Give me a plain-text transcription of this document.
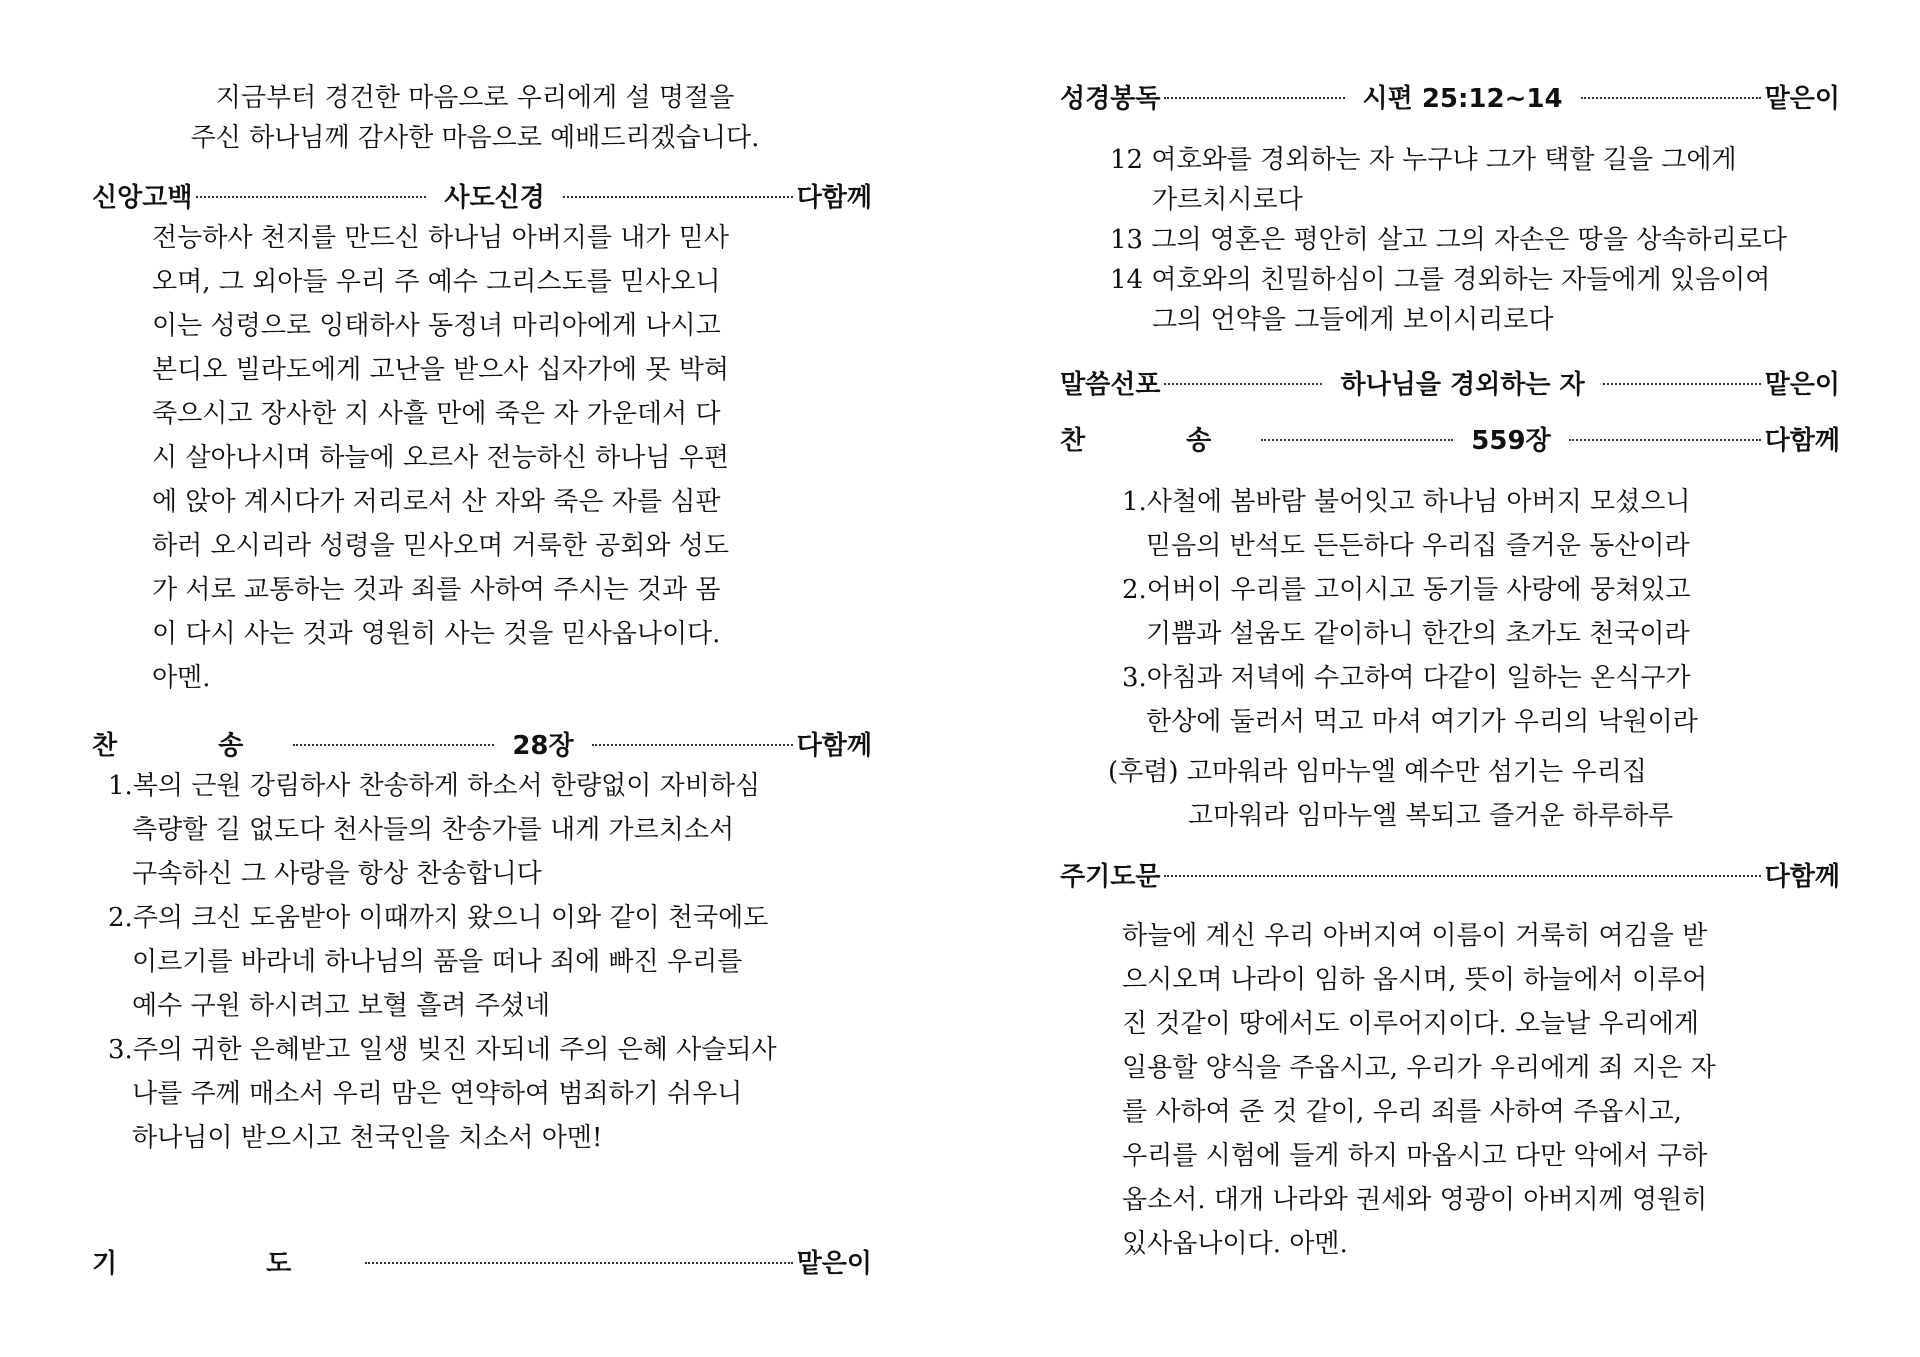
지금부터 경건한 마음으로 우리에게 설 명절을
주신 하나님께 감사한 마음으로 예배드리겠습니다.
신앙고백	사도신경	다함께
전능하사 천지를 만드신 하나님 아버지를 내가 믿사
오며, 그 외아들 우리 주 예수 그리스도를 믿사오니
이는 성령으로 잉태하사 동정녀 마리아에게 나시고
본디오 빌라도에게 고난을 받으사 십자가에 못 박혀
죽으시고 장사한 지 사흘 만에 죽은 자 가운데서 다
시 살아나시며 하늘에 오르사 전능하신 하나님 우편
에 앉아 계시다가 저리로서 산 자와 죽은 자를 심판
하러 오시리라 성령을 믿사오며 거룩한 공회와 성도
가 서로 교통하는 것과 죄를 사하여 주시는 것과 몸
이 다시 사는 것과 영원히 사는 것을 믿사옵나이다.
아멘.
찬 송	28장	다함께
1.복의 근원 강림하사 찬송하게 하소서 한량없이 자비하심
측량할 길 없도다 천사들의 찬송가를 내게 가르치소서
구속하신 그 사랑을 항상 찬송합니다
2.주의 크신 도움받아 이때까지 왔으니 이와 같이 천국에도
이르기를 바라네 하나님의 품을 떠나 죄에 빠진 우리를
예수 구원 하시려고 보혈 흘려 주셨네
3.주의 귀한 은혜받고 일생 빚진 자되네 주의 은혜 사슬되사
나를 주께 매소서 우리 맘은 연약하여 범죄하기 쉬우니
하나님이 받으시고 천국인을 치소서 아멘!
기 도	맡은이
성경봉독	시편 25:12~14	맡은이
12 여호와를 경외하는 자 누구냐 그가 택할 길을 그에게
가르치시로다
13 그의 영혼은 평안히 살고 그의 자손은 땅을 상속하리로다
14 여호와의 친밀하심이 그를 경외하는 자들에게 있음이여
그의 언약을 그들에게 보이시리로다
말씀선포	하나님을 경외하는 자	맡은이
찬 송	559장	다함께
1.사철에 봄바람 불어잇고 하나님 아버지 모셨으니
믿음의 반석도 든든하다 우리집 즐거운 동산이라
2.어버이 우리를 고이시고 동기들 사랑에 뭉쳐있고
기쁨과 설움도 같이하니 한간의 초가도 천국이라
3.아침과 저녁에 수고하여 다같이 일하는 온식구가
한상에 둘러서 먹고 마셔 여기가 우리의 낙원이라
(후렴) 고마워라 임마누엘 예수만 섬기는 우리집
고마워라 임마누엘 복되고 즐거운 하루하루
주기도문	다함께
하늘에 계신 우리 아버지여 이름이 거룩히 여김을 받
으시오며 나라이 임하 옵시며, 뜻이 하늘에서 이루어
진 것같이 땅에서도 이루어지이다. 오늘날 우리에게
일용할 양식을 주옵시고, 우리가 우리에게 죄 지은 자
를 사하여 준 것 같이, 우리 죄를 사하여 주옵시고,
우리를 시험에 들게 하지 마옵시고 다만 악에서 구하
옵소서. 대개 나라와 권세와 영광이 아버지께 영원히
있사옵나이다. 아멘.
